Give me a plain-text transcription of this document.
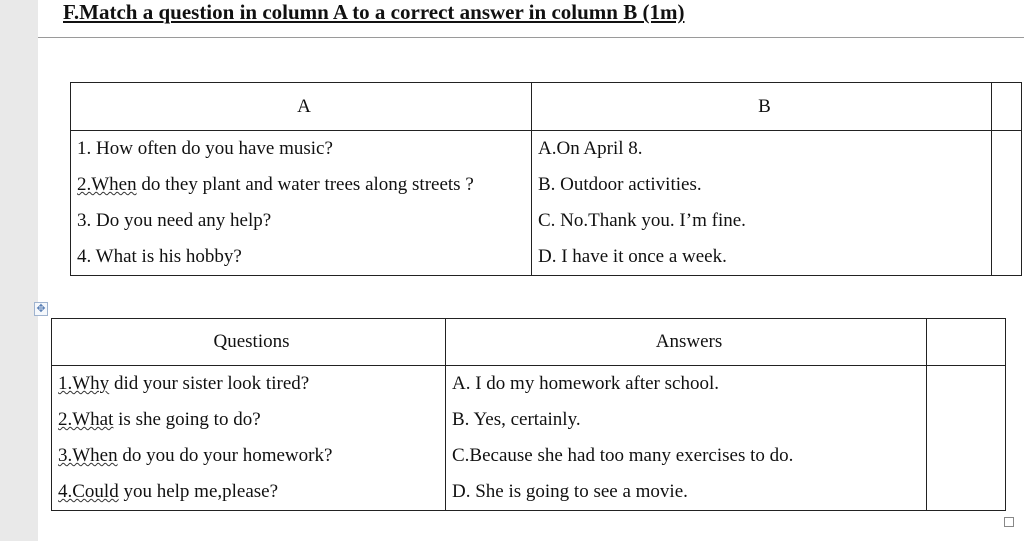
F.Match a question in column A to a correct answer in column B (1m)
A	B	
1. How often do you have music?	A.On April 8.	
2.When do they plant and water trees along streets ?	B. Outdoor activities.	
3. Do you need any help?	C. No.Thank you. I’m fine.	
4. What is his hobby?	D. I have it once a week.	
✥
Questions	Answers	
1.Why did your sister look tired?	A. I do my homework after school.	
2.What is she going to do?	B. Yes, certainly.	
3.When do you do your homework?	C.Because she had too many exercises to do.	
4.Could you help me,please?	D. She is going to see a movie.	
